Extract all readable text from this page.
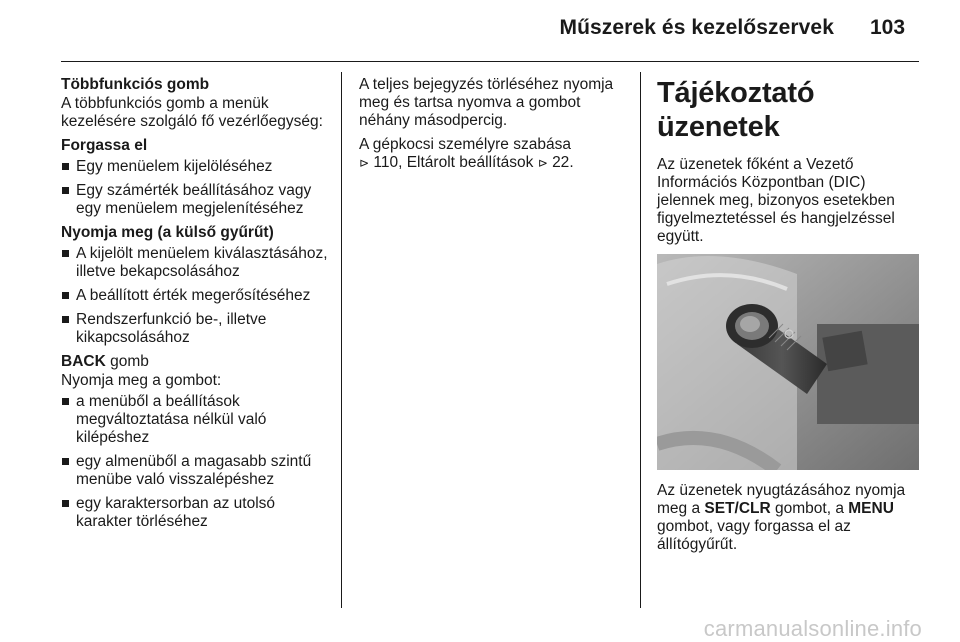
Műszerek és kezelőszervek 103

Többfunkciós gomb

A többfunkciós gomb a menük kezelésére szolgáló fő vezérlőegység:

Forgassa el

Egy menüelem kijelöléséhez
Egy számérték beállításához vagy egy menüelem megjelenítéséhez

Nyomja meg (a külső gyűrűt)

A kijelölt menüelem kiválasztásához, illetve bekapcsolásához
A beállított érték megerősítéséhez
Rendszerfunkció be-, illetve kikapcsolásához

BACK gomb

Nyomja meg a gombot:

a menüből a beállítások megváltoztatása nélkül való kilépéshez
egy almenüből a magasabb szintű menübe való visszalépéshez
egy karaktersorban az utolsó karakter törléséhez

A teljes bejegyzés törléséhez nyomja meg és tartsa nyomva a gombot néhány másodpercig.

A gépkocsi személyre szabása
⊳ 110, Eltárolt beállítások ⊳ 22.

Tájékoztató üzenetek

Az üzenetek főként a Vezető Információs Központban (DIC) jelennek meg, bizonyos esetekben figyelmeztetéssel és hangjelzéssel együtt.

Az üzenetek nyugtázásához nyomja meg a SET/CLR gombot, a MENU gombot, vagy forgassa el az állítógyűrűt.

carmanualsonline.info
